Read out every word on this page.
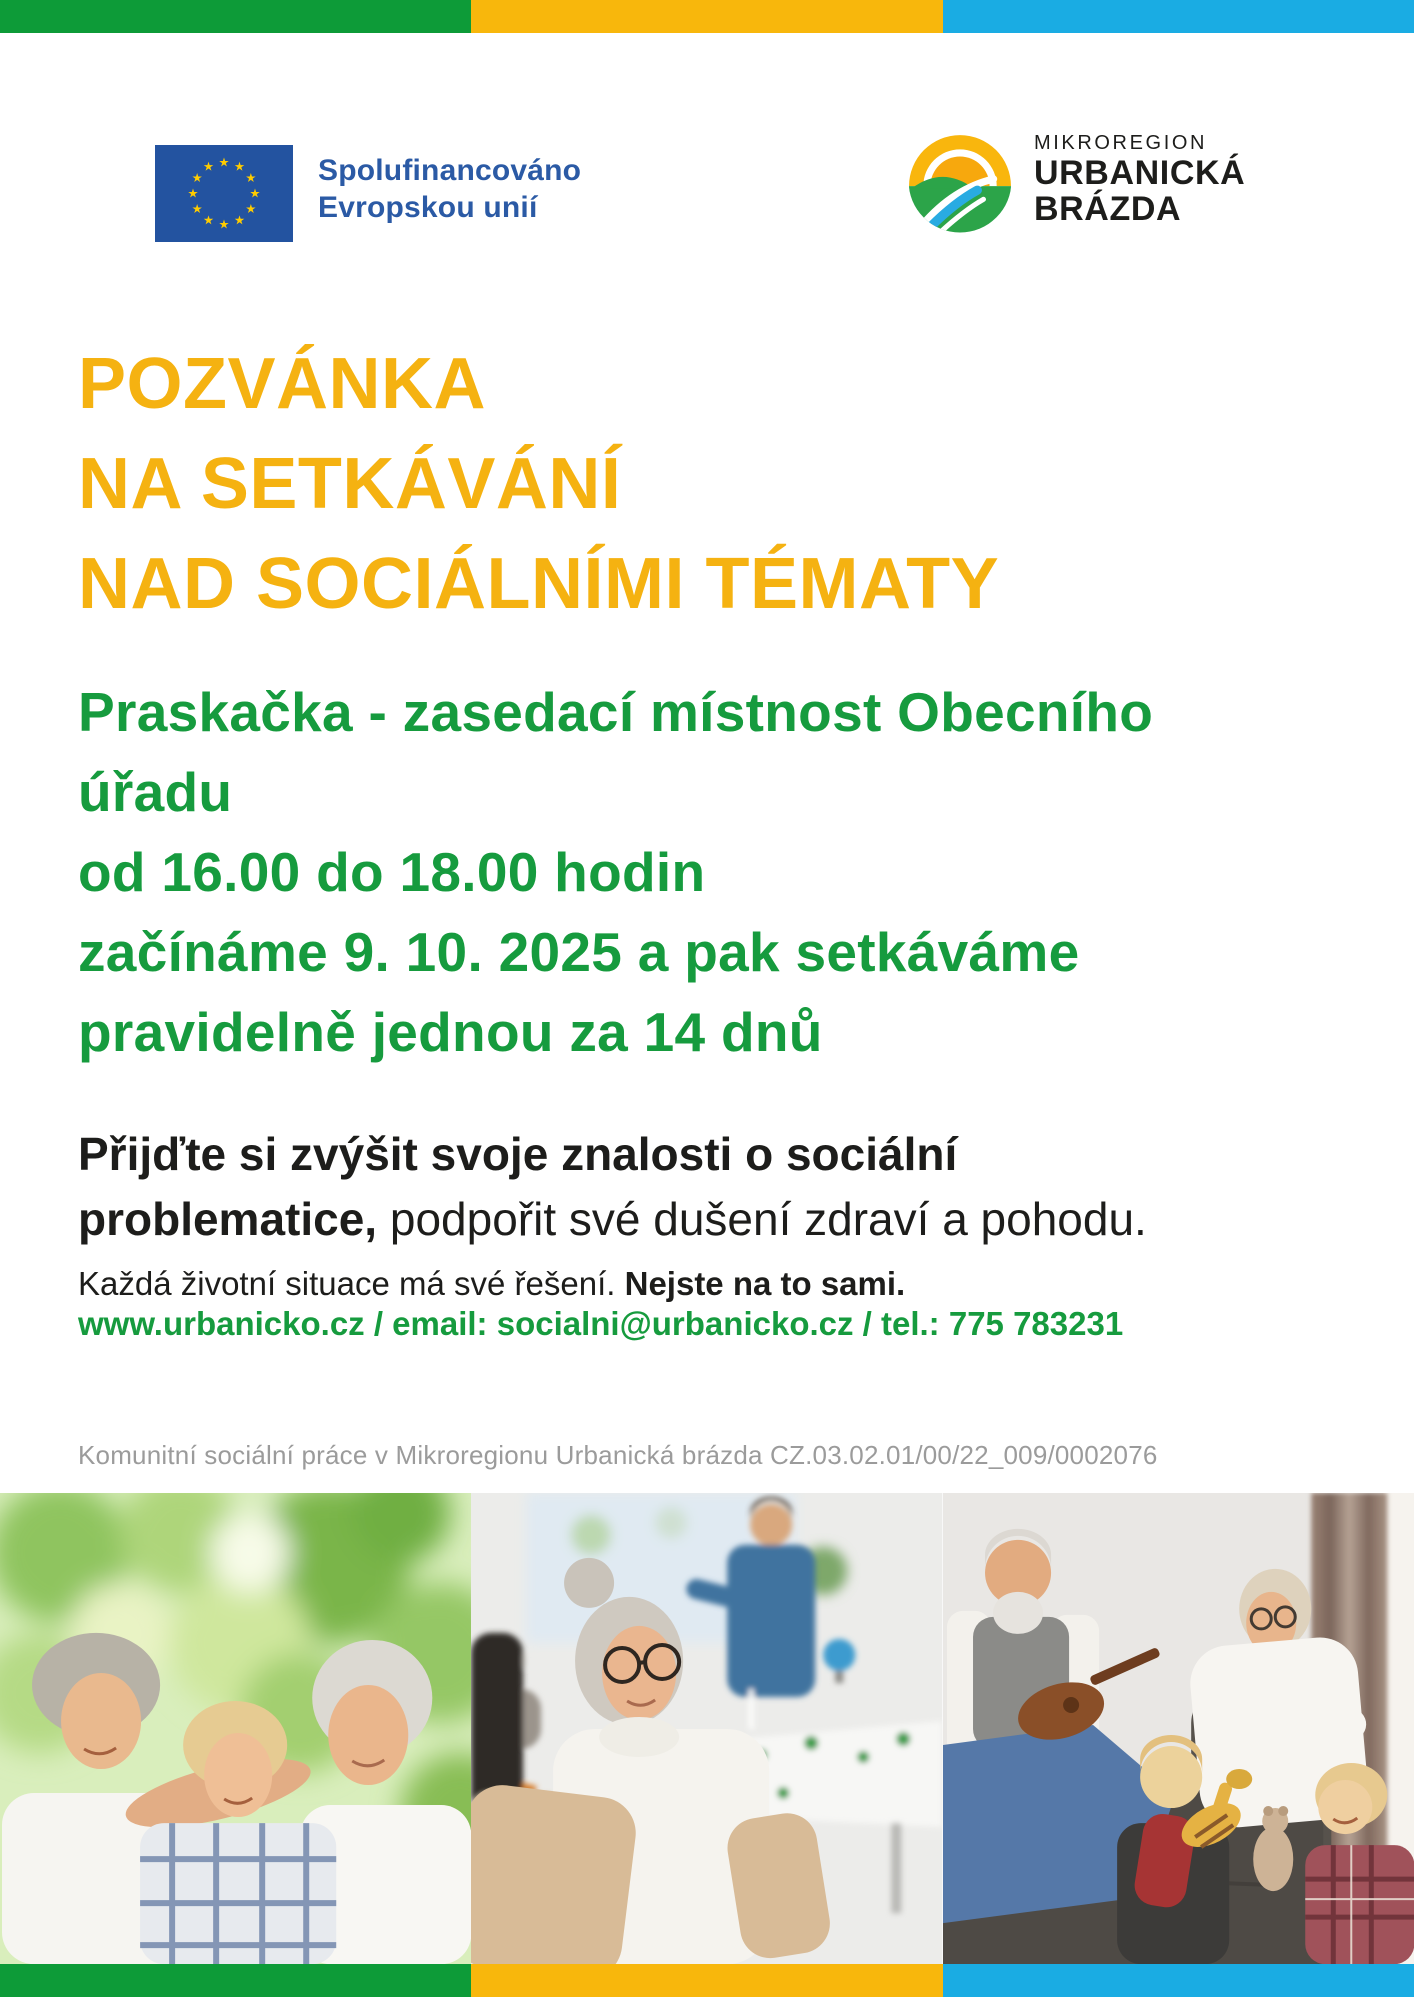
Spolufinancováno
Evropskou unií
MIKROREGION
URBANICKÁ
BRÁZDA
POZVÁNKA
NA SETKÁVÁNÍ
NAD SOCIÁLNÍMI TÉMATY
Praskačka - zasedací místnost Obecního
úřadu
od 16.00 do 18.00 hodin
začínáme 9. 10. 2025 a pak setkáváme
pravidelně jednou za 14 dnů
Přijďte si zvýšit svoje znalosti o sociální
problematice, podpořit své dušení zdraví a pohodu.
Každá životní situace má své řešení. Nejste na to sami.
www.urbanicko.cz / email: socialni@urbanicko.cz / tel.: 775 783231
Komunitní sociální práce v Mikroregionu Urbanická brázda CZ.03.02.01/00/22_009/0002076
